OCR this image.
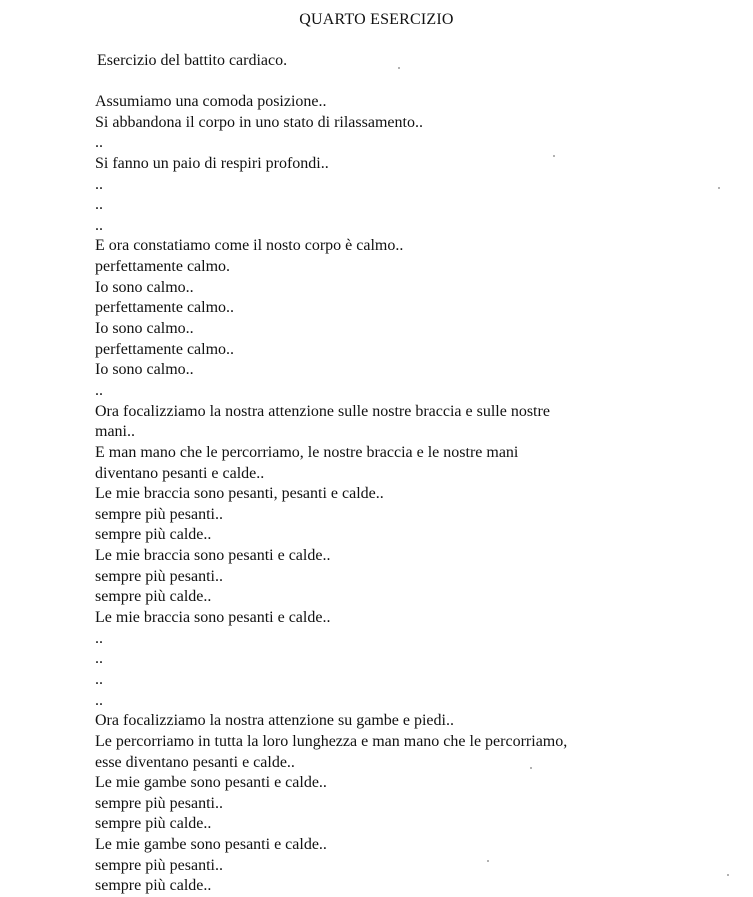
QUARTO ESERCIZIO
Esercizio del battito cardiaco.
Assumiamo una comoda posizione..
Si abbandona il corpo in uno stato di rilassamento..
..
Si fanno un paio di respiri profondi..
..
..
..
E ora constatiamo come il nosto corpo è calmo..
perfettamente calmo.
Io sono calmo..
perfettamente calmo..
Io sono calmo..
perfettamente calmo..
Io sono calmo..
..
Ora focalizziamo la nostra attenzione sulle nostre braccia e sulle nostre
mani..
E man mano che le percorriamo, le nostre braccia e le nostre mani
diventano pesanti e calde..
Le mie braccia sono pesanti, pesanti e calde..
sempre più pesanti..
sempre più calde..
Le mie braccia sono pesanti e calde..
sempre più pesanti..
sempre più calde..
Le mie braccia sono pesanti e calde..
..
..
..
..
Ora focalizziamo la nostra attenzione su gambe e piedi..
Le percorriamo in tutta la loro lunghezza e man mano che le percorriamo,
esse diventano pesanti e calde..
Le mie gambe sono pesanti e calde..
sempre più pesanti..
sempre più calde..
Le mie gambe sono pesanti e calde..
sempre più pesanti..
sempre più calde..
